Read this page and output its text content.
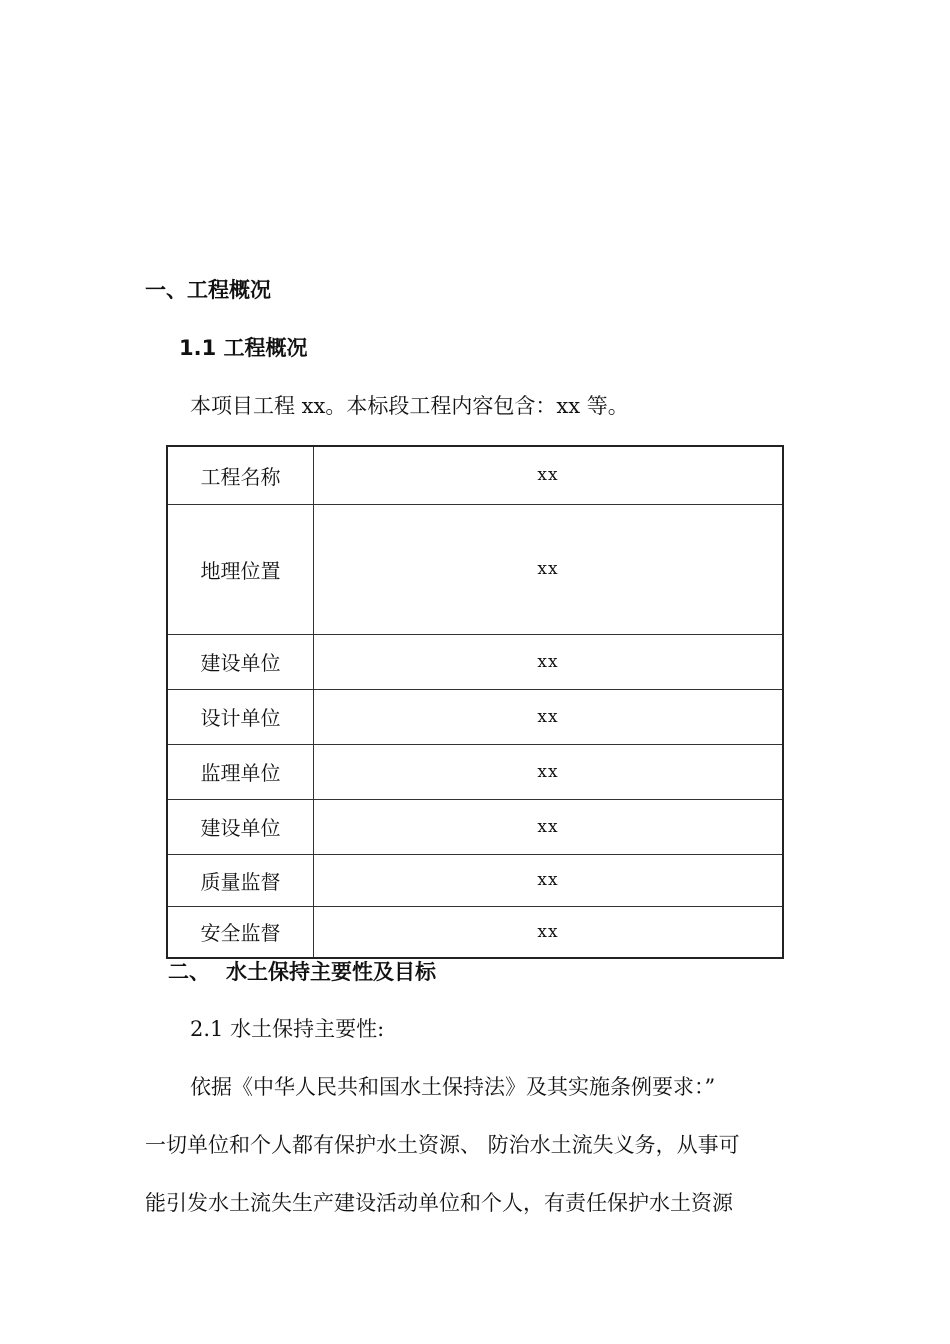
一、工程概况
1.1 工程概况
本项目工程 xx。本标段工程内容包含：xx 等。
工程名称	xx
地理位置	xx
建设单位	xx
设计单位	xx
监理单位	xx
建设单位	xx
质量监督	xx
安全监督	xx
二、 水土保持主要性及目标
2.1 水土保持主要性:
依据《中华人民共和国水土保持法》及其实施条例要求：”
一切单位和个人都有保护水土资源、 防治水土流失义务，从事可
能引发水土流失生产建设活动单位和个人，有责任保护水土资源
